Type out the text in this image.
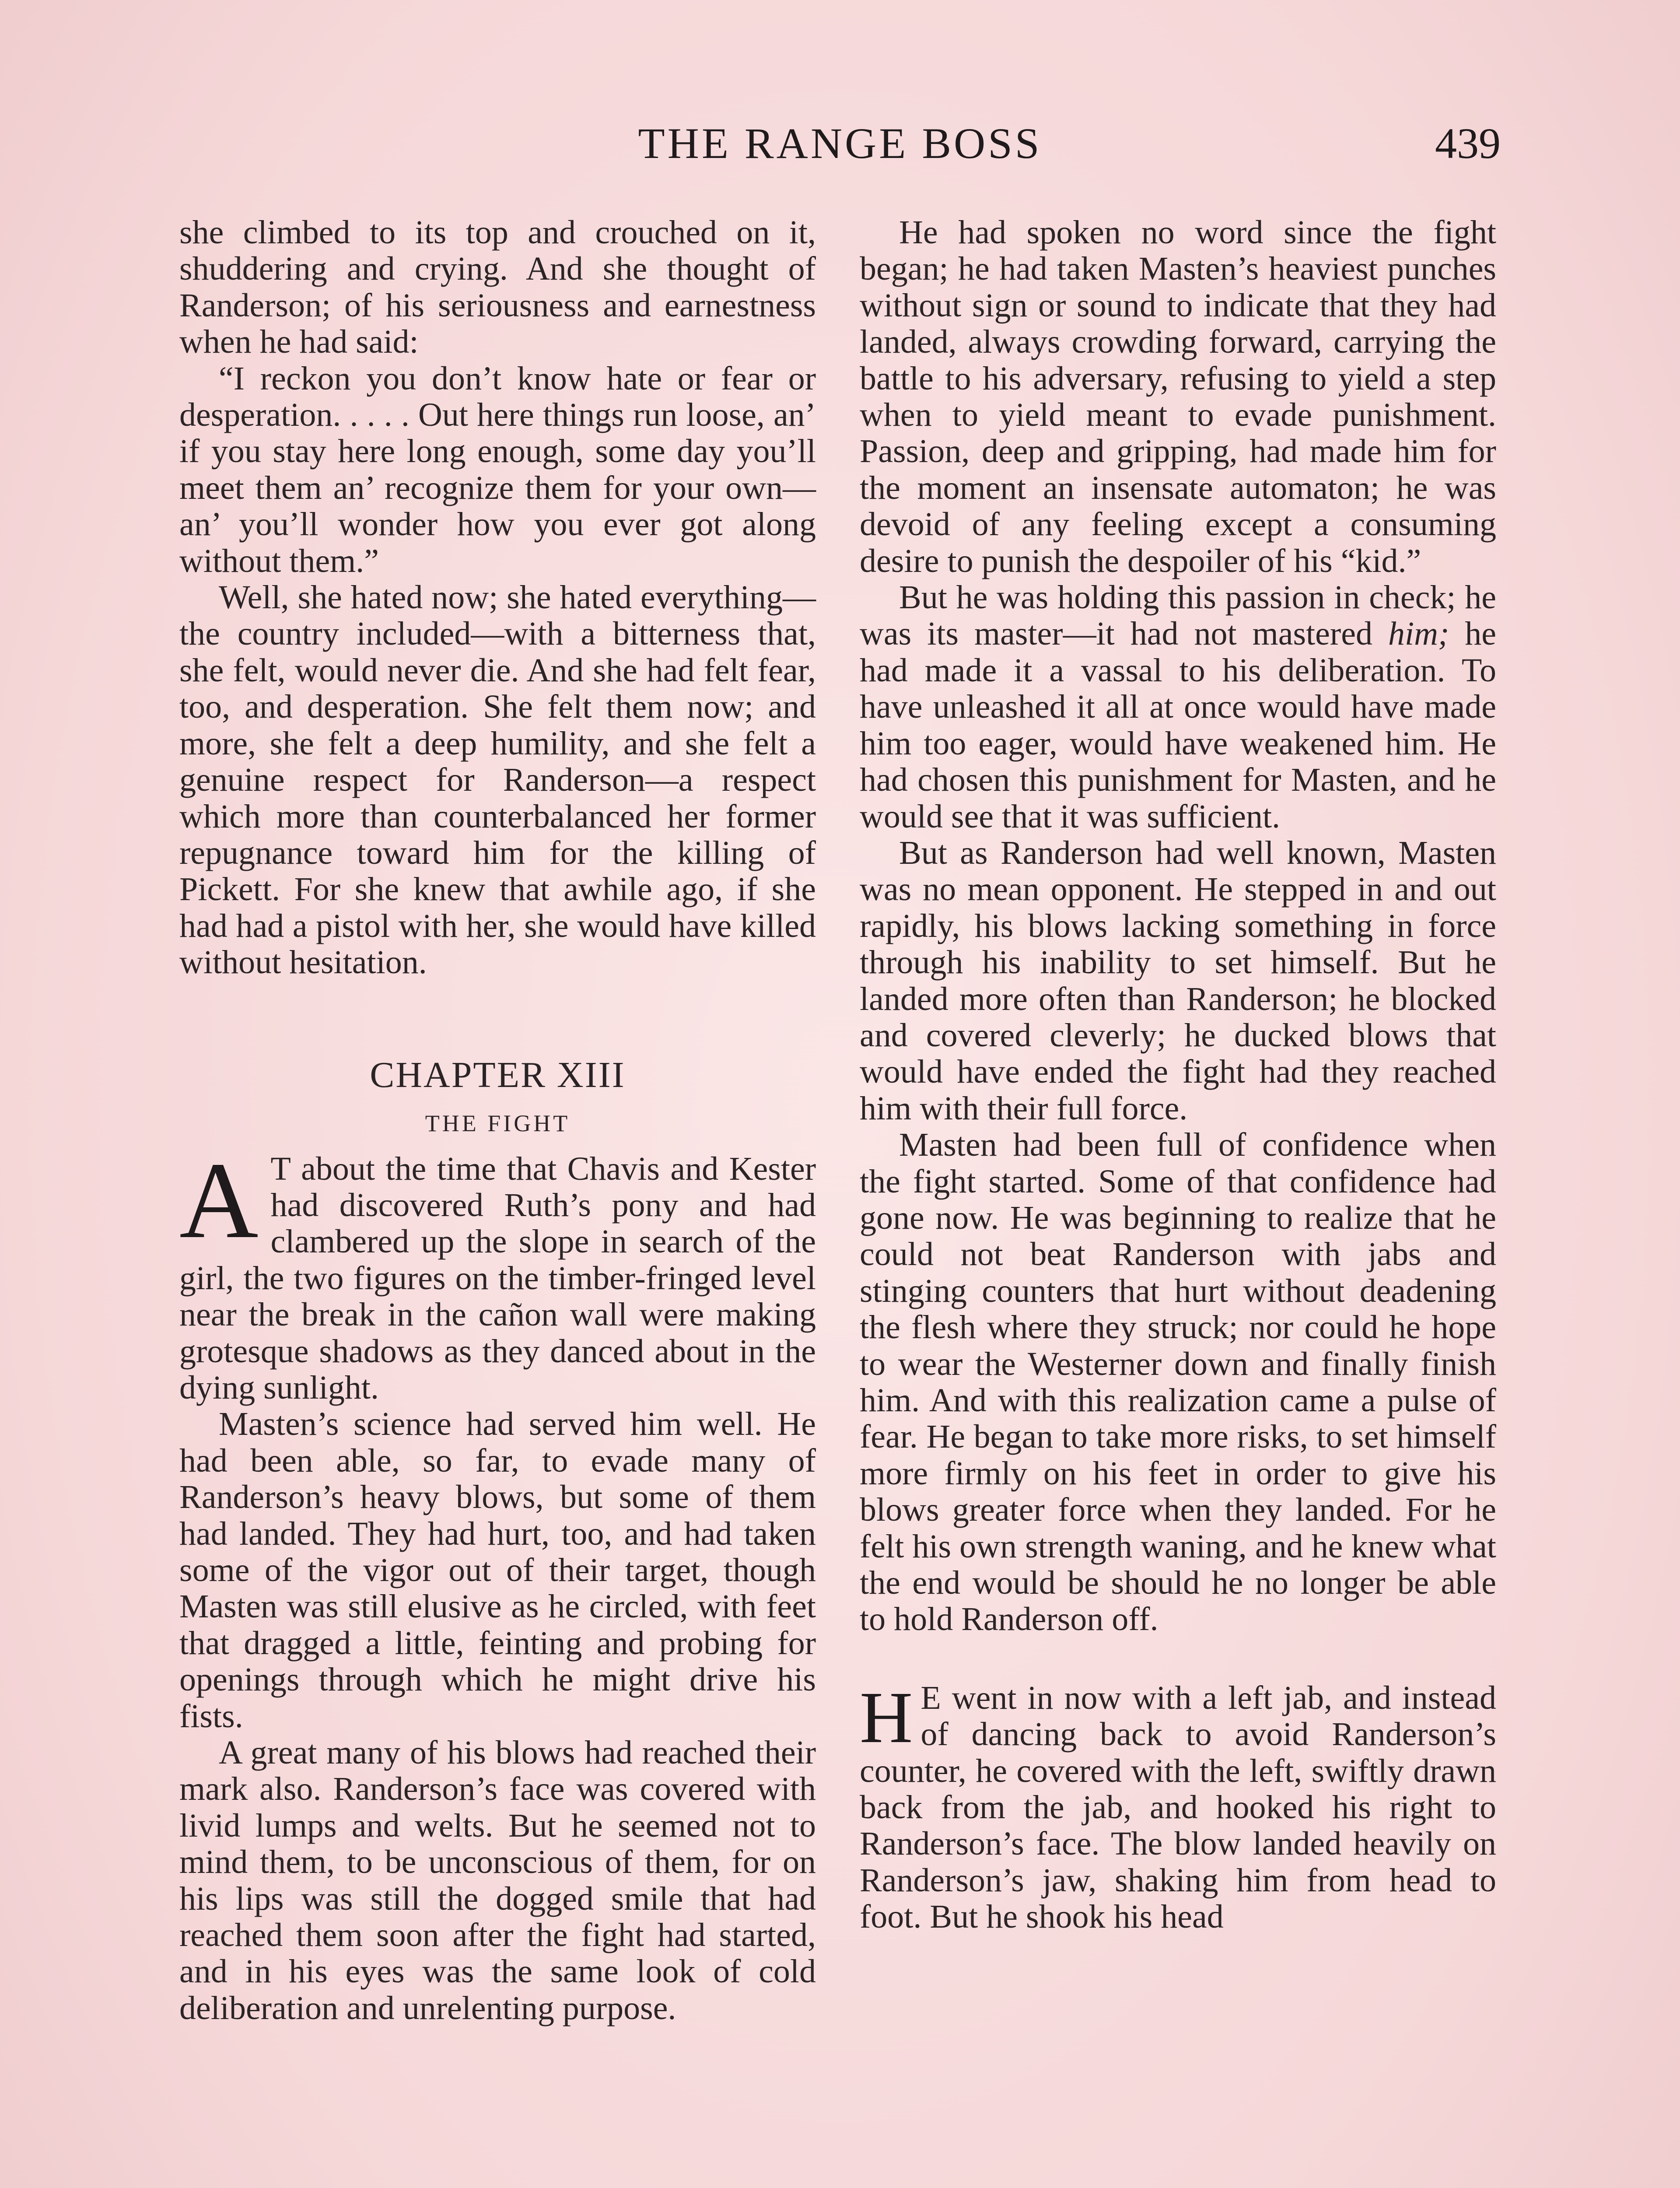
THE RANGE BOSS	439

she climbed to its top and crouched on it, shuddering and crying. And she thought of Randerson; of his seriousness and earnestness when he had said:

“I reckon you don’t know hate or fear or desperation. . . . . Out here things run loose, an’ if you stay here long enough, some day you’ll meet them an’ recognize them for your own—an’ you’ll wonder how you ever got along without them.”

Well, she hated now; she hated everything—the country included—with a bitterness that, she felt, would never die. And she had felt fear, too, and desperation. She felt them now; and more, she felt a deep humility, and she felt a genuine respect for Randerson—a respect which more than counterbalanced her former repugnance toward him for the killing of Pickett. For she knew that awhile ago, if she had had a pistol with her, she would have killed without hesitation.

CHAPTER XIII

THE FIGHT

A T about the time that Chavis and Kester had discovered Ruth’s pony and had clambered up the slope in search of the girl, the two figures on the timber-fringed level near the break in the cañon wall were making grotesque shadows as they danced about in the dying sunlight.

Masten’s science had served him well. He had been able, so far, to evade many of Randerson’s heavy blows, but some of them had landed. They had hurt, too, and had taken some of the vigor out of their target, though Masten was still elusive as he circled, with feet that dragged a little, feinting and probing for openings through which he might drive his fists.

A great many of his blows had reached their mark also. Randerson’s face was covered with livid lumps and welts. But he seemed not to mind them, to be unconscious of them, for on his lips was still the dogged smile that had reached them soon after the fight had started, and in his eyes was the same look of cold deliberation and unrelenting purpose.

He had spoken no word since the fight began; he had taken Masten’s heaviest punches without sign or sound to indicate that they had landed, always crowding forward, carrying the battle to his adversary, refusing to yield a step when to yield meant to evade punishment. Passion, deep and gripping, had made him for the moment an insensate automaton; he was devoid of any feeling except a consuming desire to punish the despoiler of his “kid.”

But he was holding this passion in check; he was its master—it had not mastered him; he had made it a vassal to his deliberation. To have unleashed it all at once would have made him too eager, would have weakened him. He had chosen this punishment for Masten, and he would see that it was sufficient.

But as Randerson had well known, Masten was no mean opponent. He stepped in and out rapidly, his blows lacking something in force through his inability to set himself. But he landed more often than Randerson; he blocked and covered cleverly; he ducked blows that would have ended the fight had they reached him with their full force.

Masten had been full of confidence when the fight started. Some of that confidence had gone now. He was beginning to realize that he could not beat Randerson with jabs and stinging counters that hurt without deadening the flesh where they struck; nor could he hope to wear the Westerner down and finally finish him. And with this realization came a pulse of fear. He began to take more risks, to set himself more firmly on his feet in order to give his blows greater force when they landed. For he felt his own strength waning, and he knew what the end would be should he no longer be able to hold Randerson off.

H E went in now with a left jab, and instead of dancing back to avoid Randerson’s counter, he covered with the left, swiftly drawn back from the jab, and hooked his right to Randerson’s face. The blow landed heavily on Randerson’s jaw, shaking him from head to foot. But he shook his head
